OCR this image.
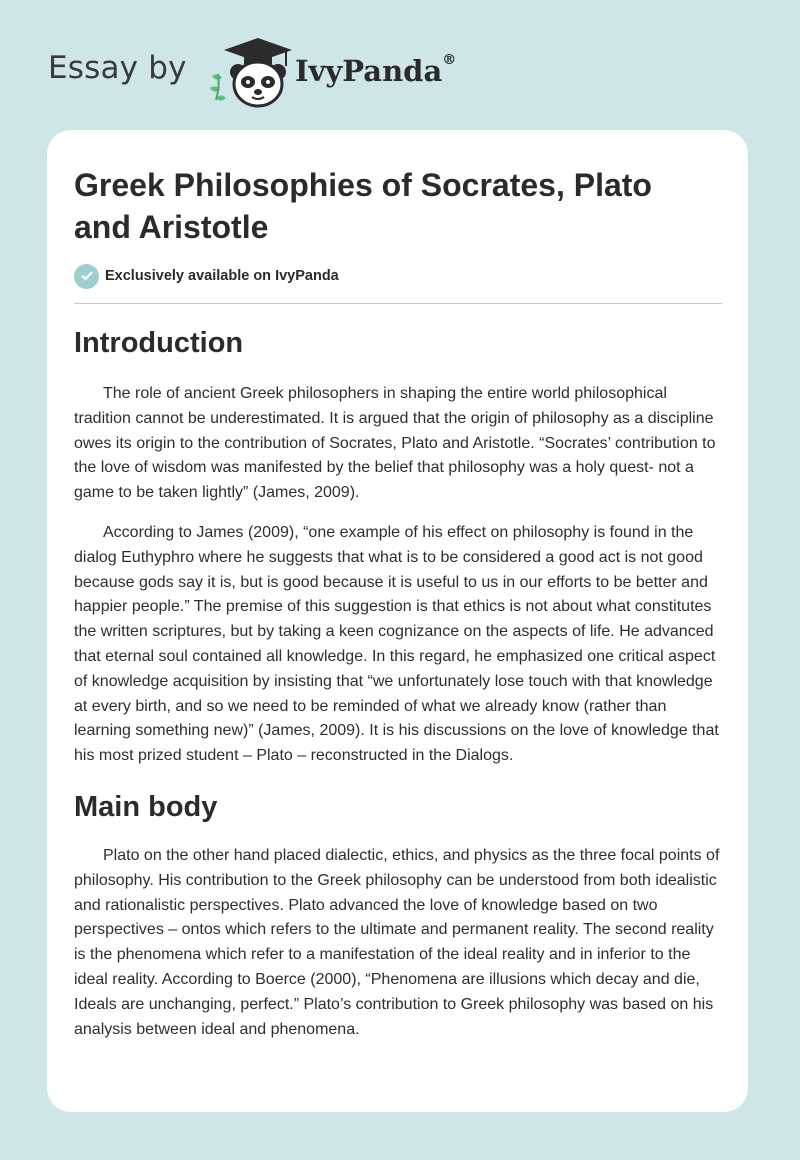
Essay by	IvyPanda®
Greek Philosophies of Socrates, Plato and Aristotle
Exclusively available on IvyPanda
Introduction

The role of ancient Greek philosophers in shaping the entire world philosophical tradition cannot be underestimated. It is argued that the origin of philosophy as a discipline owes its origin to the contribution of Socrates, Plato and Aristotle. “Socrates’ contribution to the love of wisdom was manifested by the belief that philosophy was a holy quest- not a game to be taken lightly” (James, 2009).

According to James (2009), “one example of his effect on philosophy is found in the dialog Euthyphro where he suggests that what is to be considered a good act is not good because gods say it is, but is good because it is useful to us in our efforts to be better and happier people.” The premise of this suggestion is that ethics is not about what constitutes the written scriptures, but by taking a keen cognizance on the aspects of life. He advanced that eternal soul contained all knowledge. In this regard, he emphasized one critical aspect of knowledge acquisition by insisting that “we unfortunately lose touch with that knowledge at every birth, and so we need to be reminded of what we already know (rather than learning something new)” (James, 2009). It is his discussions on the love of knowledge that his most prized student – Plato – reconstructed in the Dialogs.

Main body

Plato on the other hand placed dialectic, ethics, and physics as the three focal points of philosophy. His contribution to the Greek philosophy can be understood from both idealistic and rationalistic perspectives. Plato advanced the love of knowledge based on two perspectives – ontos which refers to the ultimate and permanent reality. The second reality is the phenomena which refer to a manifestation of the ideal reality and in inferior to the ideal reality. According to Boerce (2000), “Phenomena are illusions which decay and die, Ideals are unchanging, perfect.” Plato’s contribution to Greek philosophy was based on his analysis between ideal and phenomena.
